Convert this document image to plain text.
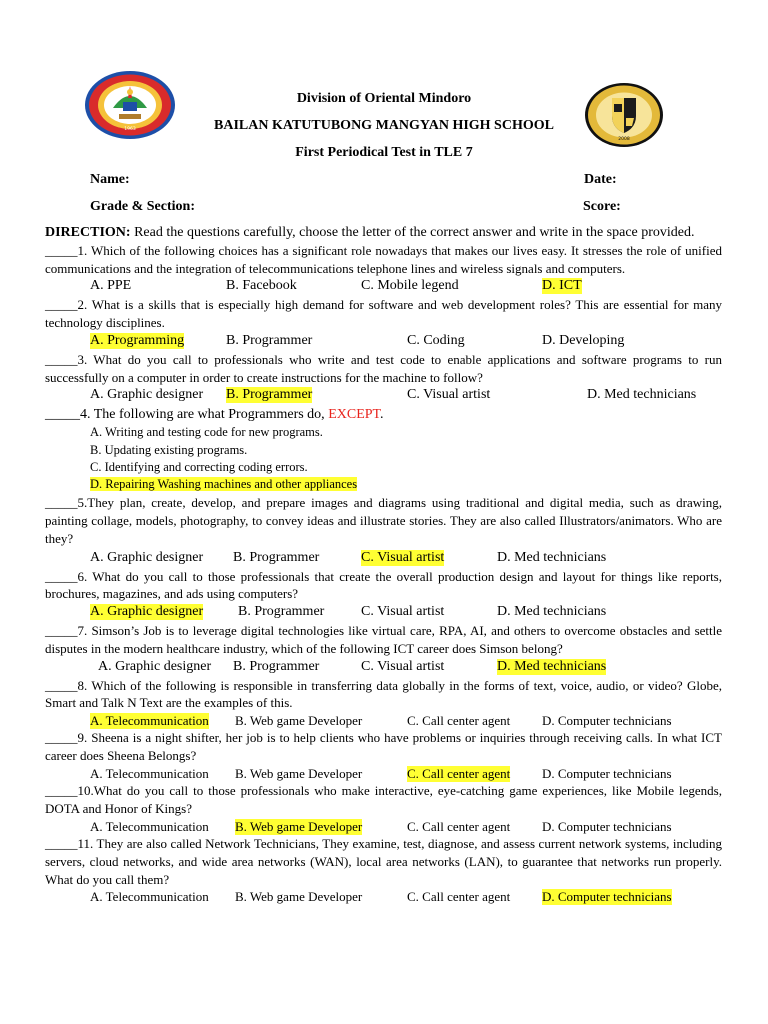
1963
2008
Division of Oriental Mindoro
BAILAN KATUTUBONG MANGYAN HIGH SCHOOL
First Periodical Test in TLE 7
Name:	Date:
Grade & Section:	Score:
DIRECTION: Read the questions carefully, choose the letter of the correct answer and write in the space provided.
_____1. Which of the following choices has a significant role nowadays that makes our lives easy. It stresses the role of unified communications and the integration of telecommunications telephone lines and wireless signals and computers.
A. PPE	B. Facebook	C. Mobile legend	D. ICT
_____2. What is a skills that is especially high demand for software and web development roles? This are essential for many technology disciplines.
A. Programming	B. Programmer	C. Coding	D. Developing
_____3. What do you call to professionals who write and test code to enable applications and software programs to run successfully on a computer in order to create instructions for the machine to follow?
A. Graphic designer B. Programmer	C. Visual artist	D. Med technicians
_____4. The following are what Programmers do, EXCEPT.
A. Writing and testing code for new programs.
B. Updating existing programs.
C. Identifying and correcting coding errors.
D. Repairing Washing machines and other appliances
_____5.They plan, create, develop, and prepare images and diagrams using traditional and digital media, such as drawing, painting collage, models, photography, to convey ideas and illustrate stories. They are also called Illustrators/animators. Who are they?
A. Graphic designer B. Programmer	C. Visual artist	D. Med technicians
_____6. What do you call to those professionals that create the overall production design and layout for things like reports, brochures, magazines, and ads using computers?
A. Graphic designer B. Programmer	C. Visual artist	D. Med technicians
_____7. Simson’s Job is to leverage digital technologies like virtual care, RPA, AI, and others to overcome obstacles and settle disputes in the modern healthcare industry, which of the following ICT career does Simson belong?
A. Graphic designer B. Programmer	C. Visual artist	D. Med technicians
_____8. Which of the following is responsible in transferring data globally in the forms of text, voice, audio, or video? Globe, Smart and Talk N Text are the examples of this.
A. Telecommunication B. Web game Developer	C. Call center agent D. Computer technicians
_____9. Sheena is a night shifter, her job is to help clients who have problems or inquiries through receiving calls. In what ICT career does Sheena Belongs?
A. Telecommunication B. Web game Developer	C. Call center agent D. Computer technicians
_____10.What do you call to those professionals who make interactive, eye-catching game experiences, like Mobile legends, DOTA and Honor of Kings?
A. Telecommunication B. Web game Developer	C. Call center agent D. Computer technicians
_____11. They are also called Network Technicians, They examine, test, diagnose, and assess current network systems, including servers, cloud networks, and wide area networks (WAN), local area networks (LAN), to guarantee that networks run properly. What do you call them?
A. Telecommunication B. Web game Developer	C. Call center agent D. Computer technicians
